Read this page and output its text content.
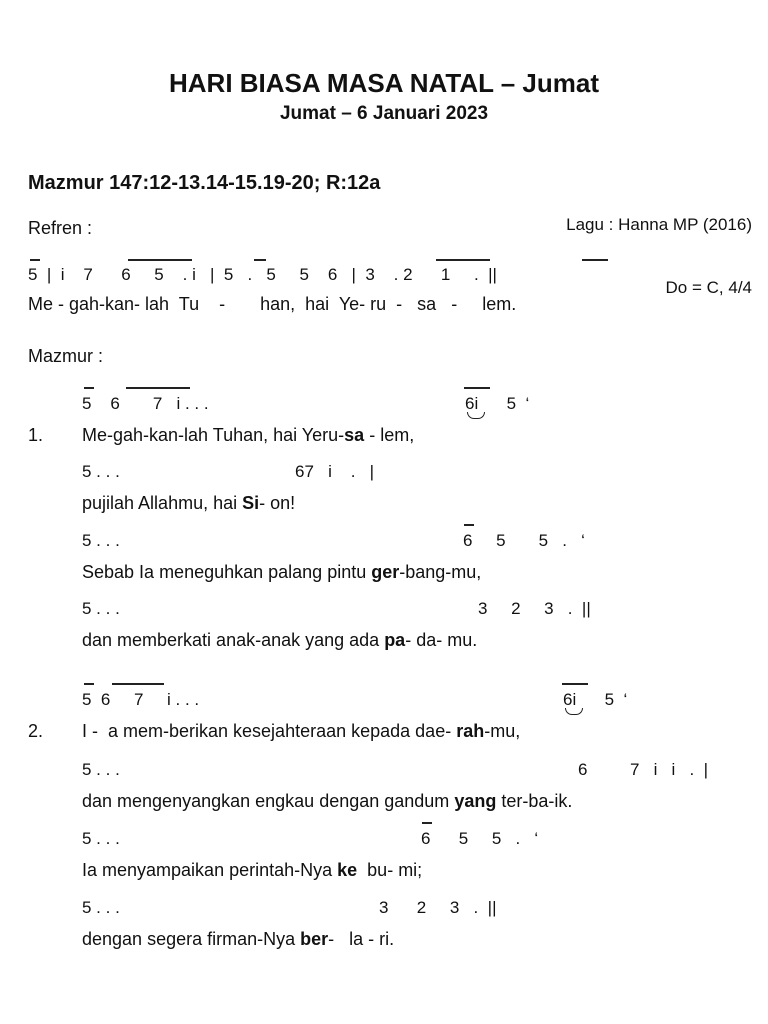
HARI BIASA MASA NATAL – Jumat
Jumat – 6 Januari 2023
Mazmur 147:12-13.14-15.19-20; R:12a

Lagu : Hanna MP (2016)

Do = C, 4/4

Refren :
5  |  i    7      6     5    . i   |  5   .   5     5    6   |  3    . 2      1     .  ||
Me - gah-kan- lah  Tu    -       han,  hai  Ye- ru  -   sa   -     lem.
Mazmur :
5    6       7   i . . .	6i      5  ‘
1. Me-gah-kan-lah Tuhan, hai Yeru-sa - lem,
5 . . .	67   i    .   |
pujilah Allahmu, hai Si- on!
5 . . .	6     5       5   .   ‘
Sebab Ia meneguhkan palang pintu ger-bang-mu,
5 . . .	3     2     3   .  ||
dan memberkati anak-anak yang ada pa- da- mu.
5  6     7     i . . .	6i      5  ‘
2. I -  a mem-berikan kesejahteraan kepada dae- rah-mu,
5 . . .	6         7   i   i   .  |
dan mengenyangkan engkau dengan gandum yang ter-ba-ik.
5 . . .	6      5     5   .   ‘
Ia menyampaikan perintah-Nya ke  bu- mi;
5 . . .	3      2     3   .  ||
dengan segera firman-Nya ber-   la - ri.
